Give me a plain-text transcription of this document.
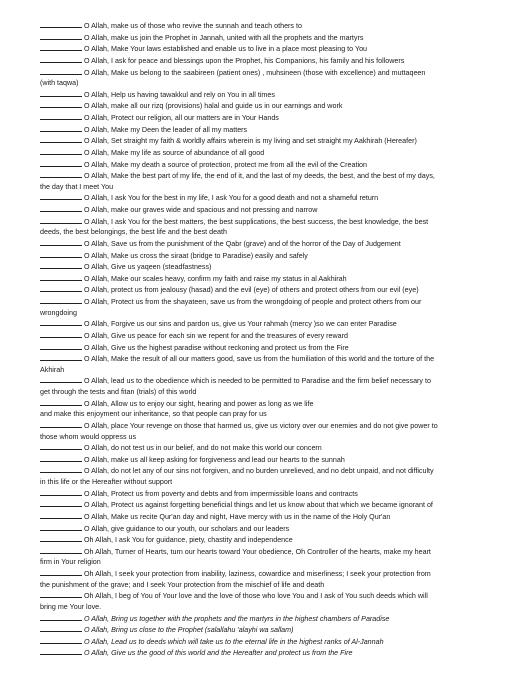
O Allah, make us of those who revive the sunnah and teach others to
O Allah, make us join the Prophet in Jannah, united with all the prophets and the martyrs
O Allah, Make Your laws established and enable us to live in a place most pleasing to You
O Allah, I ask for peace and blessings upon the Prophet, his Companions, his family and his followers
O Allah, Make us belong to the saabireen (patient ones) , muhsineen (those with excellence) and muttaqeen
(with taqwa)
O Allah, Help us having tawakkul and rely on You in all times
O Allah, make all our rizq (provisions) halal and guide us in our earnings and work
O Allah, Protect our religion, all our matters are in Your Hands
O Allah, Make my Deen the leader of all my matters
O Allah, Set straight my faith & worldly affairs wherein is my living and set straight my Aakhirah (Hereafer)
O Allah, Make my life as source of abundance of all good
O Allah, Make my death a source of protection, protect me from all the evil of the Creation
O Allah, Make the best part of my life, the end of it, and the last of my deeds, the best, and the best of my days,
the day that I meet You
O Allah, I ask You for the best in my life, I ask You for a good death and not a shameful return
O Allah, make our graves wide and spacious and not pressing and narrow
O Allah, I ask You for the best matters, the best supplications, the best success, the best knowledge, the best
deeds, the best belongings, the best life and the best death
O Allah, Save us from the punishment of the Qabr (grave) and of the horror of the Day of Judgement
O Allah, Make us cross the siraat (bridge to Paradise) easily and safely
O Allah, Give us yaqeen (steadfastness)
O Allah, Make our scales heavy, confirm my faith and raise my status in al Aakhirah
O Allah, protect us from jealousy (hasad) and the evil (eye) of others and protect others from our evil (eye)
O Allah, Protect us from the shayateen, save us from the wrongdoing of people and protect others from our
wrongdoing
O Allah, Forgive us our sins and pardon us, give us Your rahmah (mercy )so we can enter Paradise
O Allah, Give us peace for each sin we repent for and the treasures of every reward
O Allah, Give us the highest paradise without reckoning and protect us from the Fire
O Allah, Make the result of all our matters good, save us from the humiliation of this world and the torture of the
Akhirah
O Allah, lead us to the obedience which is needed to be permitted to Paradise and the firm belief necessary to
get through the tests and fitan (trials) of this world
O Allah, Allow us to enjoy our sight, hearing and power as long as we life
and make this enjoyment our inheritance, so that people can pray for us
O Allah, place Your revenge on those that harmed us, give us victory over our enemies and do not give power to
those whom would oppress us
O Allah, do not test us in our belief, and do not make this world our concern
O Allah, make us all keep asking for forgiveness and lead our hearts to the sunnah
O Allah, do not let any of our sins not forgiven, and no burden unrelieved, and no debt unpaid, and not difficulty
in this life or the Hereafter without support
O Allah, Protect us from poverty and debts and from impermissible loans and contracts
O Allah, Protect us against forgetting beneficial things and let us know about that which we became ignorant of
O Allah, Make us recite Qur'an day and night, Have mercy with us in the name of the Holy Qur'an
O Allah, give guidance to our youth, our scholars and our leaders
Oh Allah, I ask You for guidance, piety, chastity and independence
Oh Allah, Turner of Hearts, turn our hearts toward Your obedience, Oh Controller of the hearts, make my heart
firm in Your religion
Oh Allah, I seek your protection from inability, laziness, cowardice and miserliness; I seek your protection from
the punishment of the grave; and I seek Your protection from the mischief of life and death
Oh Allah, I beg of You of Your love and the love of those who love You and I ask of You such deeds which will
bring me Your love.
O Allah, Bring us together with the prophets and the martyrs in the highest chambers of Paradise
O Allah, Bring us close to the Prophet (salallahu 'alayhi wa sallam)
O Allah, Lead us to deeds which will take us to the eternal life in the highest ranks of Al-Jannah
O Allah, Give us the good of this world and the Hereafter and protect us from the Fire
